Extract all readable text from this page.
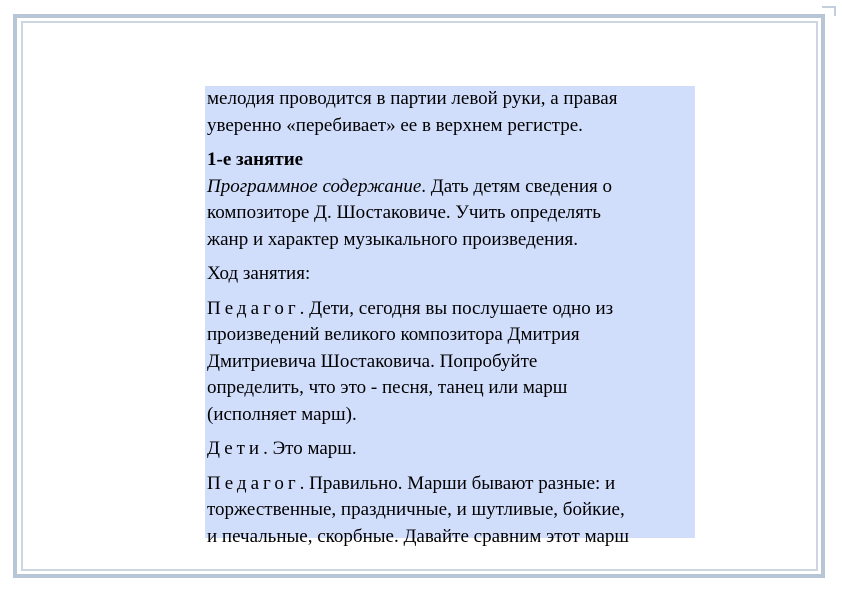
мелодия проводится в партии левой руки, а правая
уверенно «перебивает» ее в верхнем регистре.
1-е занятие
Программное содержание. Дать детям сведения о
композиторе Д. Шостаковиче. Учить определять
жанр и характер музыкального произведения.
Ход занятия:
Педагог. Дети, сегодня вы послушаете одно из
произведений великого композитора Дмитрия
Дмитриевича Шостаковича. Попробуйте
определить, что это - песня, танец или марш
(исполняет марш).
Дети. Это марш.
Педагог. Правильно. Марши бывают разные: и
торжественные, праздничные, и шутливые, бойкие,
и печальные, скорбные. Давайте сравним этот марш
